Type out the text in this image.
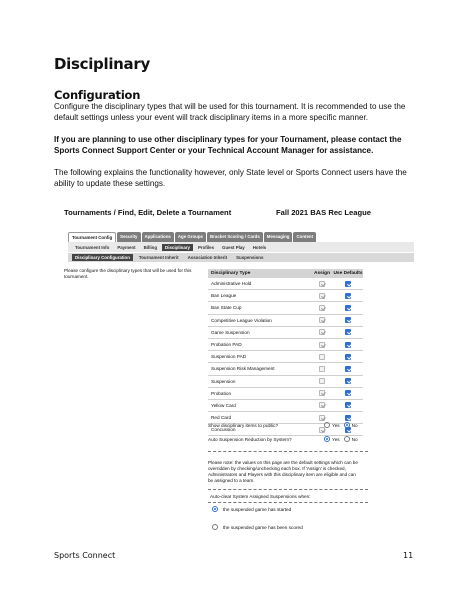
Disciplinary
Configuration
Configure the disciplinary types that will be used for this tournament. It is recommended to use the default settings unless your event will track disciplinary items in a more specific manner.
If you are planning to use other disciplinary types for your Tournament, please contact the Sports Connect Support Center or your Technical Account Manager for assistance.
The following explains the functionality however, only State level or Sports Connect users have the ability to update these settings.
Tournaments / Find, Edit, Delete a Tournament	Fall 2021 BAS Rec League
Tournament Config	Security	Applications	Age Groups	Bracket Scoring / Cards	Messaging	Content
Tournament Info	Payment	Billing	Disciplinary	Profiles	Guest Play	Hotels
Disciplinary Configuration	Tournament Inherit	Association Inherit	Suspensions
Please configure the disciplinary types that will be used for this tournament.
Disciplinary Type	Assign Use Defaults
Administrative Hold
Ban League
Ban State Cup
Competitive League Violation
Game Suspension
Probation PAD
Suspension PAD
Suspension Risk Management
Suspension
Probation
Yellow Card
Red Card
Concussion
Show disciplinary items to public?	Yes	No
Auto Suspension Reduction by System?	Yes	No
Please note: the values on this page are the default settings which can be overridden by checking/unchecking each box. If 'Assign' is checked, Administrators and Players with this disciplinary item are eligible and can be assigned to a team.
Auto-clear System Assigned Suspensions when:
the suspended game has started
the suspended game has been scored
Sports Connect	11
